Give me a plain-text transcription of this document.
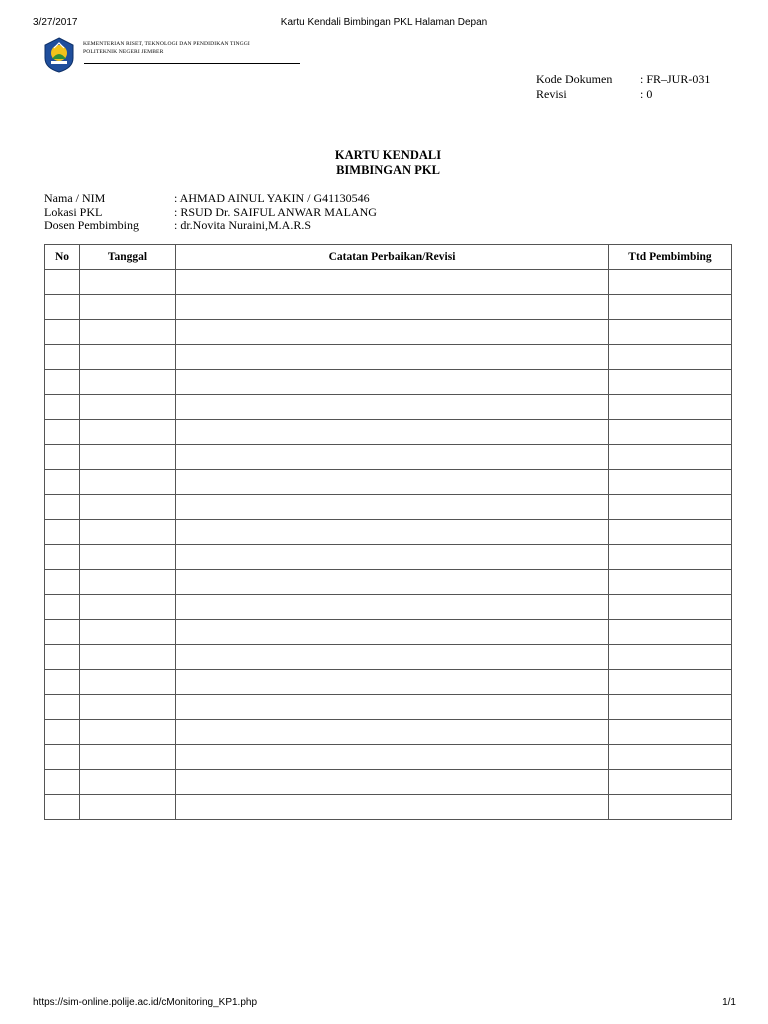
3/27/2017	Kartu Kendali Bimbingan PKL Halaman Depan
KEMENTERIAN RISET, TEKNOLOGI DAN PENDIDIKAN TINGGI
POLITEKNIK NEGERI JEMBER
Kode Dokumen	: FR–JUR-031
Revisi	: 0
KARTU KENDALI
BIMBINGAN PKL
Nama / NIM	: AHMAD AINUL YAKIN / G41130546
Lokasi PKL	: RSUD Dr. SAIFUL ANWAR MALANG
Dosen Pembimbing	: dr.Novita Nuraini,M.A.R.S
No	Tanggal	Catatan Perbaikan/Revisi	Ttd Pembimbing

https://sim-online.polije.ac.id/cMonitoring_KP1.php	1/1
